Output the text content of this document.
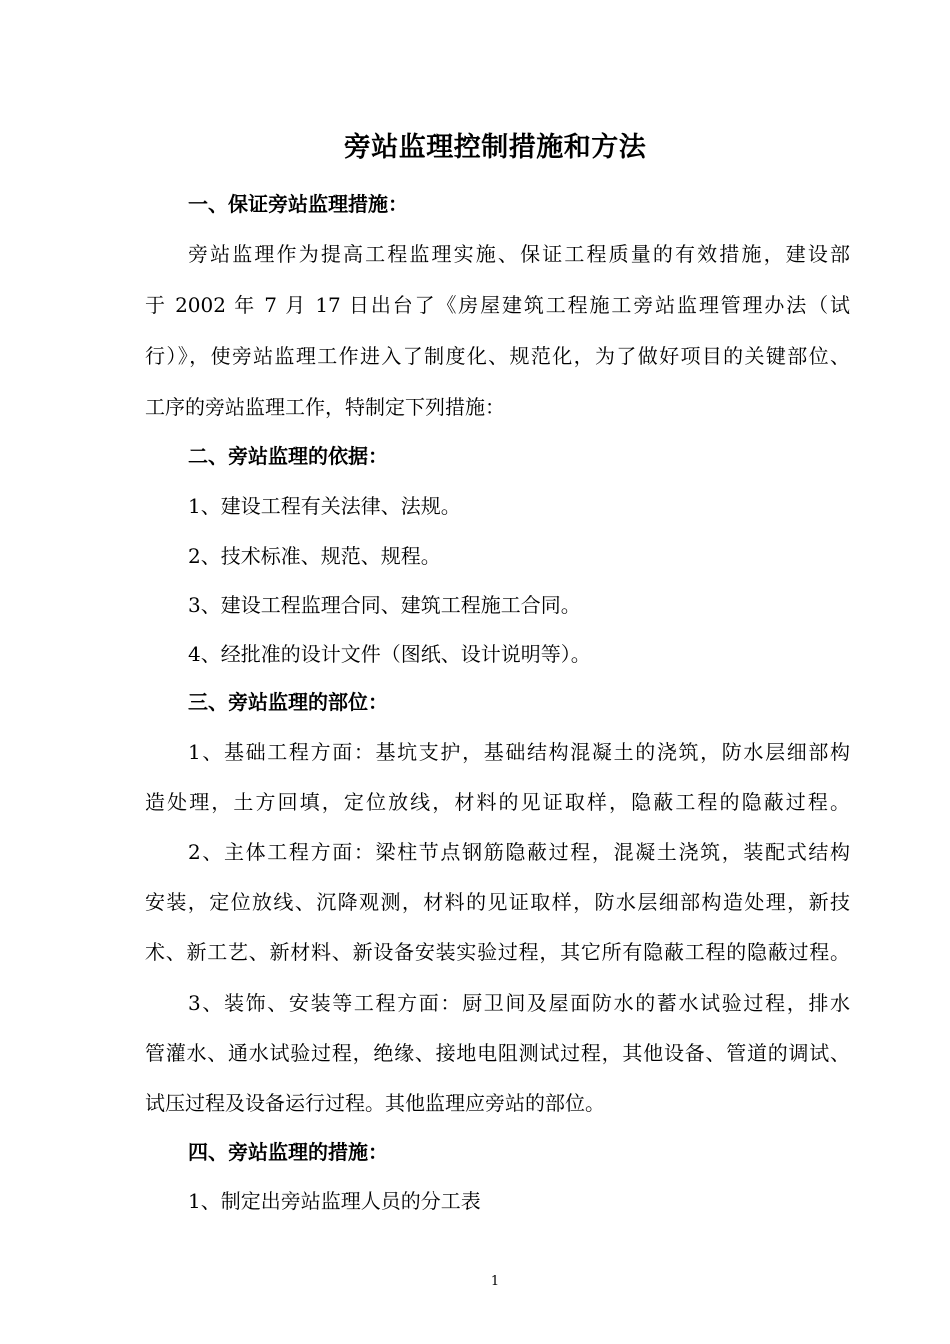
旁站监理控制措施和方法
一、保证旁站监理措施：
旁站监理作为提高工程监理实施、保证工程质量的有效措施，建设部
于 2002 年 7 月 17 日出台了《房屋建筑工程施工旁站监理管理办法（试
行）》，使旁站监理工作进入了制度化、规范化，为了做好项目的关键部位、
工序的旁站监理工作，特制定下列措施：
二、旁站监理的依据：
1、建设工程有关法律、法规。
2、技术标准、规范、规程。
3、建设工程监理合同、建筑工程施工合同。
4、经批准的设计文件（图纸、设计说明等）。
三、旁站监理的部位：
1、基础工程方面：基坑支护，基础结构混凝土的浇筑，防水层细部构
造处理，土方回填，定位放线，材料的见证取样，隐蔽工程的隐蔽过程。
2、主体工程方面：梁柱节点钢筋隐蔽过程，混凝土浇筑，装配式结构
安装，定位放线、沉降观测，材料的见证取样，防水层细部构造处理，新技
术、新工艺、新材料、新设备安装实验过程，其它所有隐蔽工程的隐蔽过程。
3、装饰、安装等工程方面：厨卫间及屋面防水的蓄水试验过程，排水
管灌水、通水试验过程，绝缘、接地电阻测试过程，其他设备、管道的调试、
试压过程及设备运行过程。其他监理应旁站的部位。
四、旁站监理的措施：
1、制定出旁站监理人员的分工表
1
